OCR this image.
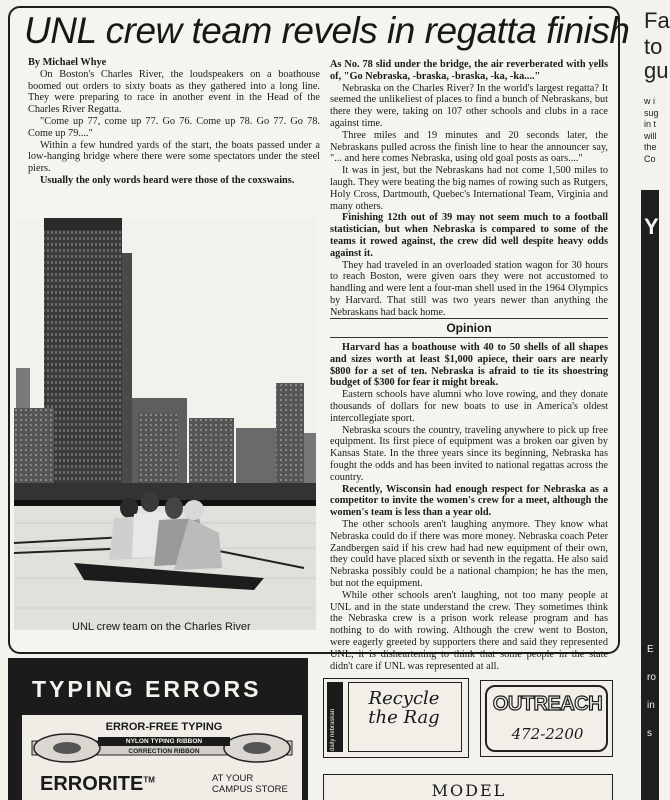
UNL crew team revels in regatta finish

By Michael Whye

On Boston's Charles River, the loudspeakers on a boathouse boomed out orders to sixty boats as they gathered into a long line. They were preparing to race in another event in the Head of the Charles River Regatta.

"Come up 77, come up 77. Go 76. Come up 78. Go 77. Go 78. Come up 79...."

Within a few hundred yards of the start, the boats passed under a low-hanging bridge where there were some spectators under the steel piers.

Usually the only words heard were those of the coxswains.

UNL crew team on the Charles River

As No. 78 slid under the bridge, the air reverberated with yells of, "Go Nebraska, -braska, -braska, -ka, -ka...."

Nebraska on the Charles River? In the world's largest regatta? It seemed the unlikeliest of places to find a bunch of Nebraskans, but there they were, taking on 107 other schools and clubs in a race against time.

Three miles and 19 minutes and 20 seconds later, the Nebraskans pulled across the finish line to hear the announcer say, "... and here comes Nebraska, using old goal posts as oars...."

It was in jest, but the Nebraskans had not come 1,500 miles to laugh. They were beating the big names of rowing such as Rutgers, Holy Cross, Dartmouth, Quebec's International Team, Virginia and many others.

Finishing 12th out of 39 may not seem much to a football statistician, but when Nebraska is compared to some of the teams it rowed against, the crew did well despite heavy odds against it.

They had traveled in an overloaded station wagon for 30 hours to reach Boston, were given oars they were not accustomed to handling and were lent a four-man shell used in the 1964 Olympics by Harvard. That still was two years newer than anything the Nebraskans had back home.

Opinion

Harvard has a boathouse with 40 to 50 shells of all shapes and sizes worth at least $1,000 apiece, their oars are nearly $800 for a set of ten. Nebraska is afraid to tie its shoestring budget of $300 for fear it might break.

Eastern schools have alumni who love rowing, and they donate thousands of dollars for new boats to use in America's oldest intercollegiate sport.

Nebraska scours the country, traveling anywhere to pick up free equipment. Its first piece of equipment was a broken oar given by Kansas State. In the three years since its beginning, Nebraska has fought the odds and has been invited to national regattas across the country.

Recently, Wisconsin had enough respect for Nebraska as a competitor to invite the women's crew for a meet, although the women's team is less than a year old.

The other schools aren't laughing anymore. They know what Nebraska could do if there was more money. Nebraska coach Peter Zandbergen said if his crew had had new equipment of their own, they could have placed sixth or seventh in the regatta. He also said Nebraska possibly could be a national champion; he has the men, but not the equipment.

While other schools aren't laughing, not too many people at UNL and in the state understand the crew. They sometimes think the Nebraska crew is a prison work release program and has nothing to do with rowing. Although the crew went to Boston, were eagerly greeted by supporters there and said they represented UNL, it is disheartening to think that some people in the state didn't care if UNL was represented at all.

Fa
to
gu
w i
sug
in t
will
the
Co
Y
E
ro
in
s
TYPING ERRORS
ERROR-FREE TYPING
NYLON TYPING RIBBON
CORRECTION RIBBON
ERRORITE™	AT YOUR
CAMPUS STORE
daily nebraskan
Recycle the Rag
OUTREACH
472-2200
MODEL
